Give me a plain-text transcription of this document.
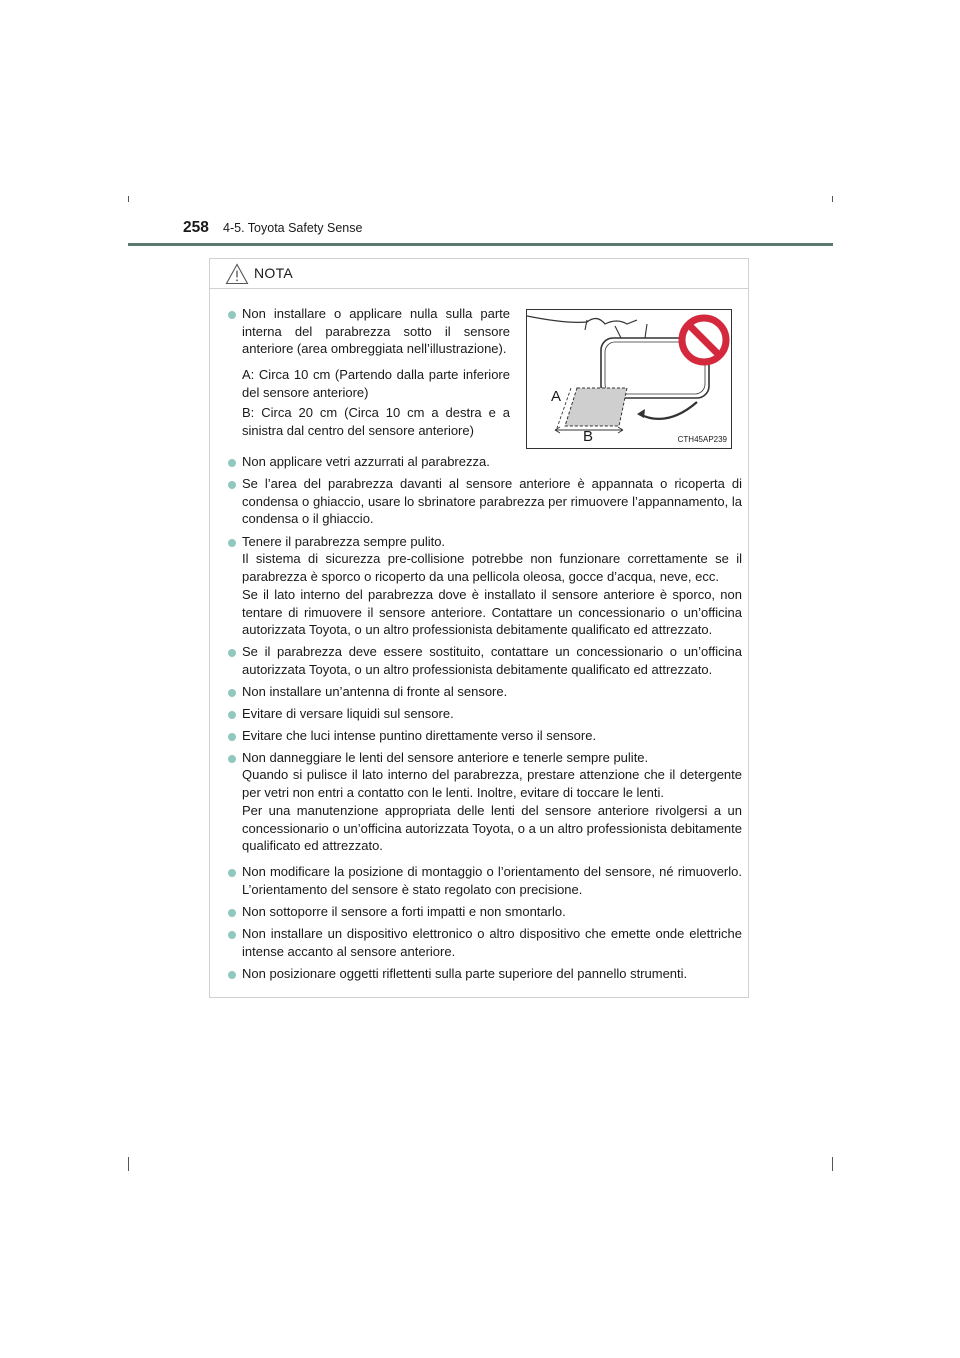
258 4-5. Toyota Safety Sense
NOTA
A
B	CTH45AP239
Non installare o applicare nulla sulla parte interna del parabrezza sotto il sensore anteriore (area ombreggiata nell’illustrazione).
A: Circa 10 cm (Partendo dalla parte inferiore del sensore anteriore)
B: Circa 20 cm (Circa 10 cm a destra e a sinistra dal centro del sensore anteriore)
Non applicare vetri azzurrati al parabrezza.
Se l’area del parabrezza davanti al sensore anteriore è appannata o ricoperta di condensa o ghiaccio, usare lo sbrinatore parabrezza per rimuovere l’appannamento, la condensa o il ghiaccio.
Tenere il parabrezza sempre pulito.
Il sistema di sicurezza pre-collisione potrebbe non funzionare correttamente se il parabrezza è sporco o ricoperto da una pellicola oleosa, gocce d’acqua, neve, ecc.
Se il lato interno del parabrezza dove è installato il sensore anteriore è sporco, non tentare di rimuovere il sensore anteriore. Contattare un concessionario o un’officina autorizzata Toyota, o un altro professionista debitamente qualificato ed attrezzato.
Se il parabrezza deve essere sostituito, contattare un concessionario o un’officina autorizzata Toyota, o un altro professionista debitamente qualificato ed attrezzato.
Non installare un’antenna di fronte al sensore.
Evitare di versare liquidi sul sensore.
Evitare che luci intense puntino direttamente verso il sensore.
Non danneggiare le lenti del sensore anteriore e tenerle sempre pulite.
Quando si pulisce il lato interno del parabrezza, prestare attenzione che il detergente per vetri non entri a contatto con le lenti. Inoltre, evitare di toccare le lenti.
Per una manutenzione appropriata delle lenti del sensore anteriore rivolgersi a un concessionario o un’officina autorizzata Toyota, o a un altro professionista debitamente qualificato ed attrezzato.
Non modificare la posizione di montaggio o l’orientamento del sensore, né rimuoverlo. L’orientamento del sensore è stato regolato con precisione.
Non sottoporre il sensore a forti impatti e non smontarlo.
Non installare un dispositivo elettronico o altro dispositivo che emette onde elettriche intense accanto al sensore anteriore.
Non posizionare oggetti riflettenti sulla parte superiore del pannello strumenti.
